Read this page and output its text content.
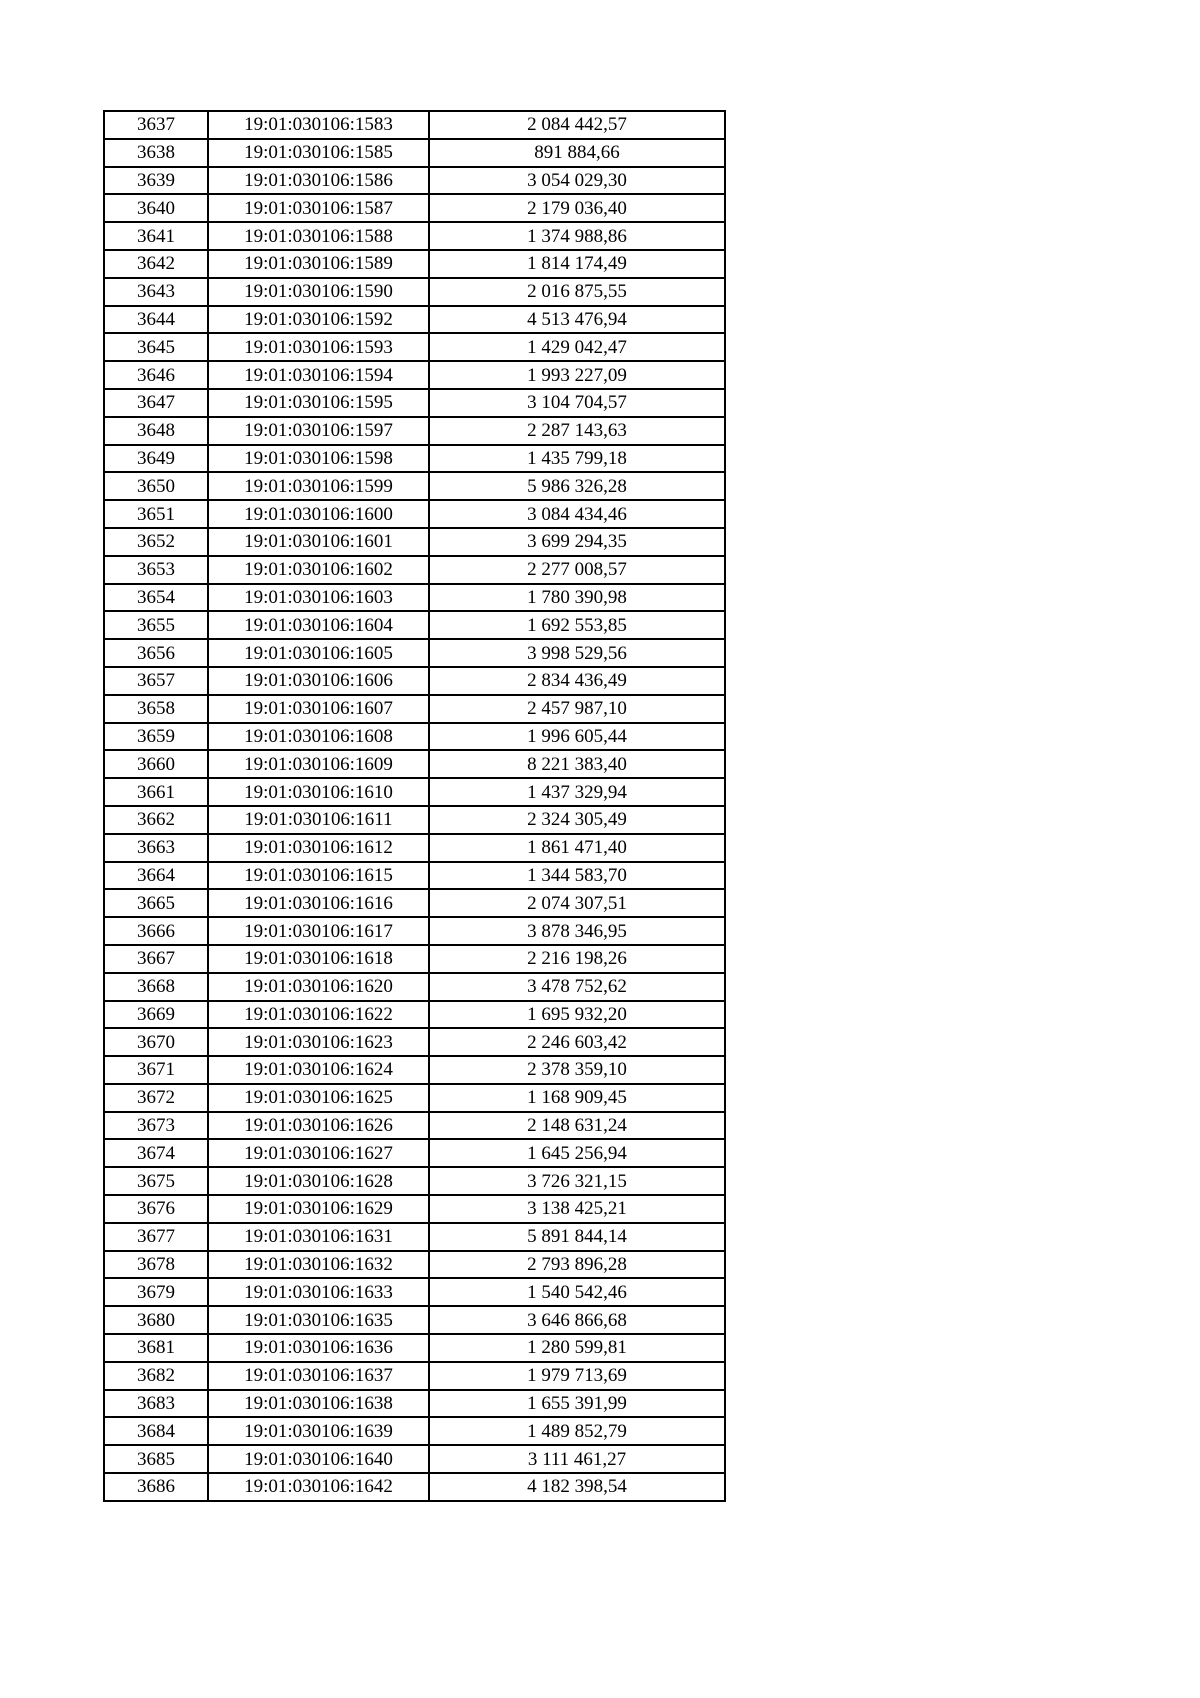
3637	19:01:030106:1583	2 084 442,57
3638	19:01:030106:1585	891 884,66
3639	19:01:030106:1586	3 054 029,30
3640	19:01:030106:1587	2 179 036,40
3641	19:01:030106:1588	1 374 988,86
3642	19:01:030106:1589	1 814 174,49
3643	19:01:030106:1590	2 016 875,55
3644	19:01:030106:1592	4 513 476,94
3645	19:01:030106:1593	1 429 042,47
3646	19:01:030106:1594	1 993 227,09
3647	19:01:030106:1595	3 104 704,57
3648	19:01:030106:1597	2 287 143,63
3649	19:01:030106:1598	1 435 799,18
3650	19:01:030106:1599	5 986 326,28
3651	19:01:030106:1600	3 084 434,46
3652	19:01:030106:1601	3 699 294,35
3653	19:01:030106:1602	2 277 008,57
3654	19:01:030106:1603	1 780 390,98
3655	19:01:030106:1604	1 692 553,85
3656	19:01:030106:1605	3 998 529,56
3657	19:01:030106:1606	2 834 436,49
3658	19:01:030106:1607	2 457 987,10
3659	19:01:030106:1608	1 996 605,44
3660	19:01:030106:1609	8 221 383,40
3661	19:01:030106:1610	1 437 329,94
3662	19:01:030106:1611	2 324 305,49
3663	19:01:030106:1612	1 861 471,40
3664	19:01:030106:1615	1 344 583,70
3665	19:01:030106:1616	2 074 307,51
3666	19:01:030106:1617	3 878 346,95
3667	19:01:030106:1618	2 216 198,26
3668	19:01:030106:1620	3 478 752,62
3669	19:01:030106:1622	1 695 932,20
3670	19:01:030106:1623	2 246 603,42
3671	19:01:030106:1624	2 378 359,10
3672	19:01:030106:1625	1 168 909,45
3673	19:01:030106:1626	2 148 631,24
3674	19:01:030106:1627	1 645 256,94
3675	19:01:030106:1628	3 726 321,15
3676	19:01:030106:1629	3 138 425,21
3677	19:01:030106:1631	5 891 844,14
3678	19:01:030106:1632	2 793 896,28
3679	19:01:030106:1633	1 540 542,46
3680	19:01:030106:1635	3 646 866,68
3681	19:01:030106:1636	1 280 599,81
3682	19:01:030106:1637	1 979 713,69
3683	19:01:030106:1638	1 655 391,99
3684	19:01:030106:1639	1 489 852,79
3685	19:01:030106:1640	3 111 461,27
3686	19:01:030106:1642	4 182 398,54
